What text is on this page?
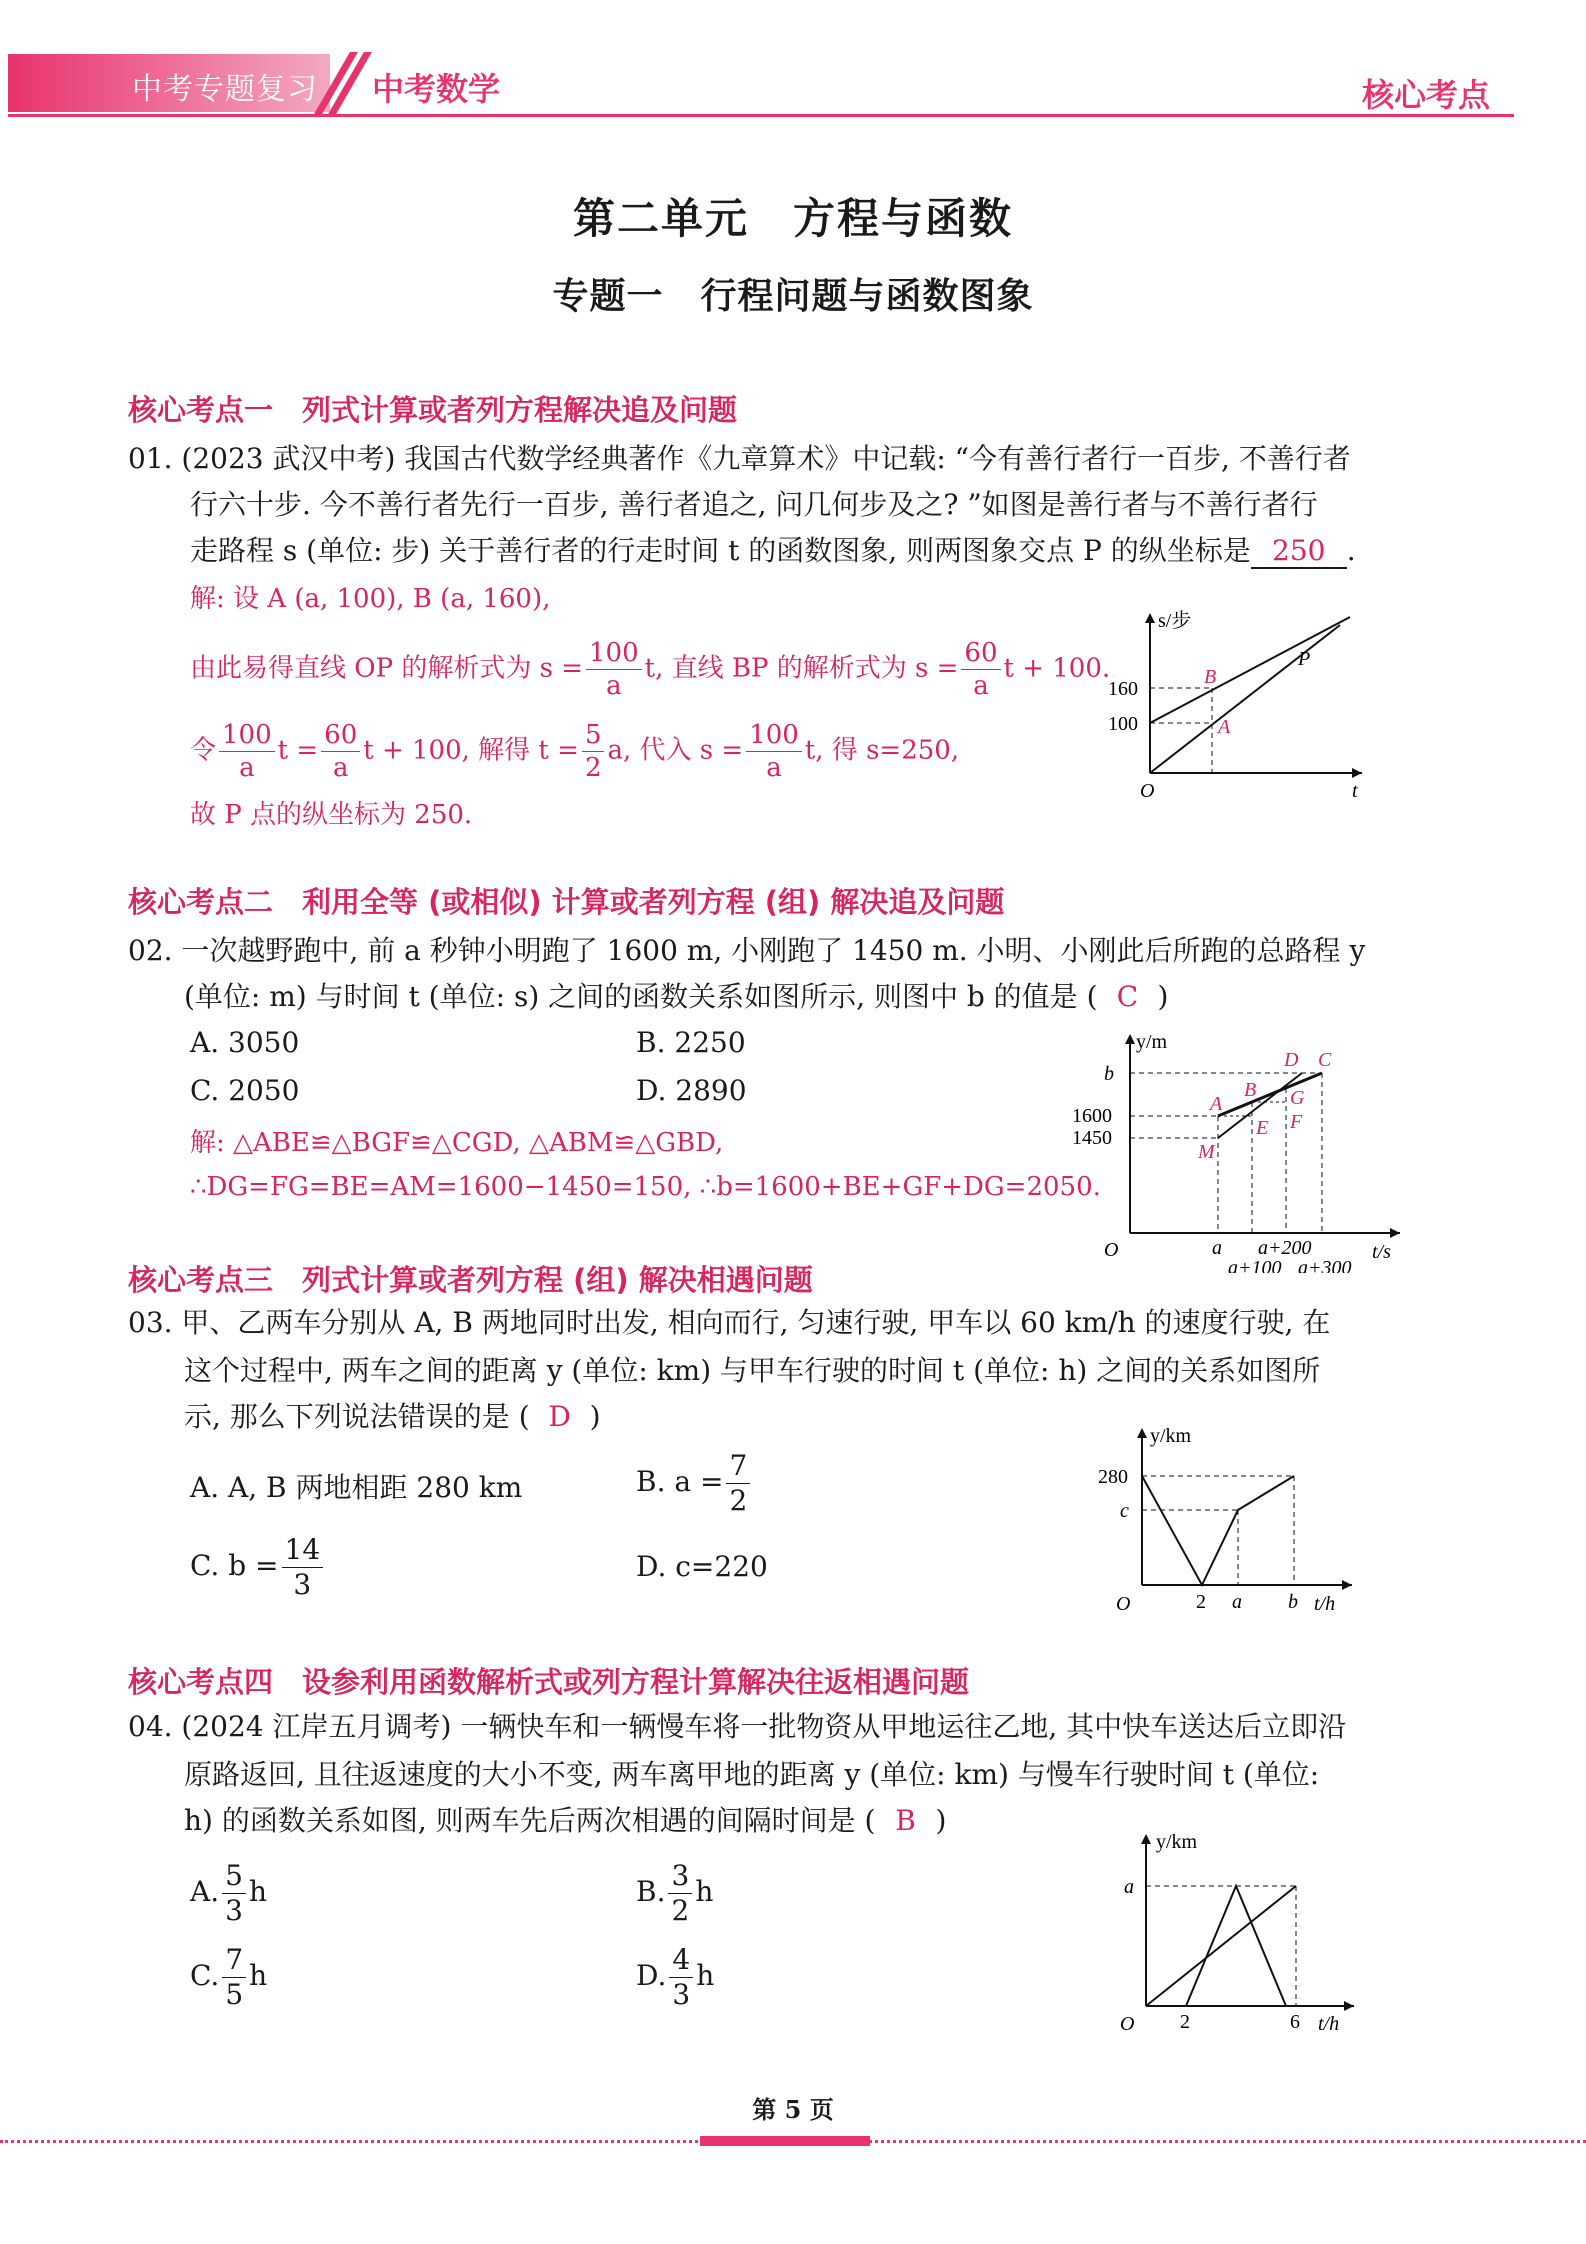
中考专题复习 中考数学	核心考点
第二单元　方程与函数
专题一　行程问题与函数图象
核心考点一　列式计算或者列方程解决追及问题
01. (2023 武汉中考) 我国古代数学经典著作《九章算术》中记载: “今有善行者行一百步, 不善行者
行六十步. 今不善行者先行一百步, 善行者追之, 问几何步及之? ”如图是善行者与不善行者行
走路程 s (单位: 步) 关于善行者的行走时间 t 的函数图象, 则两图象交点 P 的纵坐标是 250 .
解: 设 A (a, 100), B (a, 160),
由此易得直线 OP 的解析式为 $s = \frac{100}{a} t$, 直线 BP 的解析式为 $s = \frac{60}{a}$ t + 100.
令 $\frac{100}{a}$ $t = \frac{60}{a}$ t + 100, 解得 $t = \frac{5}{2} a$, 代入 $s = \frac{100}{a} t$, 得 s=250,
故 P 点的纵坐标为 250.
s/步
t
O
160
100
B
A
P
核心考点二　利用全等 (或相似) 计算或者列方程 (组) 解决追及问题
02. 一次越野跑中, 前 a 秒钟小明跑了 1600 m, 小刚跑了 1450 m. 小明、小刚此后所跑的总路程 y
(单位: m) 与时间 t (单位: s) 之间的函数关系如图所示, 则图中 b 的值是 ( C )
A. 3050	B. 2250
C. 2050	D. 2890
解: △ABE≌△BGF≌△CGD, △ABM≌△GBD,
∴DG=FG=BE=AM=1600−1450=150, ∴b=1600+BE+GF+DG=2050.
y/m
t/s
O
b
1600
1450
a a+200
a+100 a+300
D C
A
B G
E F
M
核心考点三　列式计算或者列方程 (组) 解决相遇问题
03. 甲、乙两车分别从 A, B 两地同时出发, 相向而行, 匀速行驶, 甲车以 60 km/h 的速度行驶, 在
这个过程中, 两车之间的距离 y (单位: km) 与甲车行驶的时间 t (单位: h) 之间的关系如图所
示, 那么下列说法错误的是 ( D )
A. A, B 两地相距 280 km	B. $a = \frac{7}{2}$
C. $b = \frac{14}{3}$	D. c=220
y/km
t/h
O
280
c
2 a b
核心考点四　设参利用函数解析式或列方程计算解决往返相遇问题
04. (2024 江岸五月调考) 一辆快车和一辆慢车将一批物资从甲地运往乙地, 其中快车送达后立即沿
原路返回, 且往返速度的大小不变, 两车离甲地的距离 y (单位: km) 与慢车行驶时间 t (单位:
h) 的函数关系如图, 则两车先后两次相遇的间隔时间是 ( B )
A. $\frac{5}{3}$ h	B. $\frac{3}{2}$ h
C. $\frac{7}{5}$ h	D. $\frac{4}{3}$ h
y/km
t/h
O
a
2	6
第 5 页
